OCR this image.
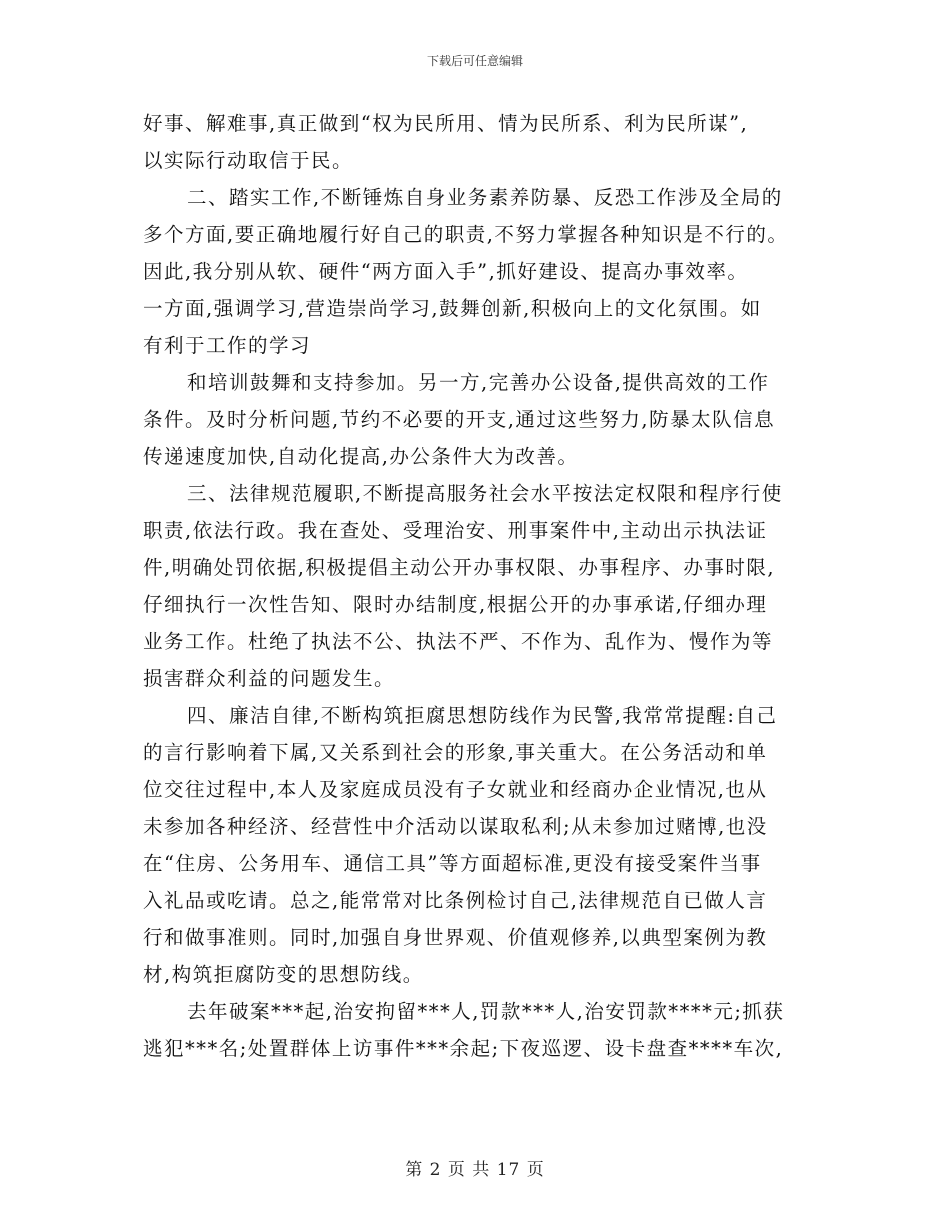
下载后可任意编辑

好事、解难事,真正做到“权为民所用、情为民所系、利为民所谋”,
以实际行动取信于民。

二、踏实工作,不断锤炼自身业务素养防暴、反恐工作涉及全局的
多个方面,要正确地履行好自己的职责,不努力掌握各种知识是不行的。
因此,我分别从软、硬件“两方面入手”,抓好建设、提高办事效率。
一方面,强调学习,营造崇尚学习,鼓舞创新,积极向上的文化氛围。如
有利于工作的学习

和培训鼓舞和支持参加。另一方,完善办公设备,提供高效的工作
条件。及时分析问题,节约不必要的开支,通过这些努力,防暴太队信息
传递速度加快,自动化提高,办公条件大为改善。

三、法律规范履职,不断提高服务社会水平按法定权限和程序行使
职责,依法行政。我在查处、受理治安、刑事案件中,主动出示执法证
件,明确处罚依据,积极提倡主动公开办事权限、办事程序、办事时限,
仔细执行一次性告知、限时办结制度,根据公开的办事承诺,仔细办理
业务工作。杜绝了执法不公、执法不严、不作为、乱作为、慢作为等
损害群众利益的问题发生。

四、廉洁自律,不断构筑拒腐思想防线作为民警,我常常提醒:自己
的言行影响着下属,又关系到社会的形象,事关重大。在公务活动和单
位交往过程中,本人及家庭成员没有子女就业和经商办企业情况,也从
未参加各种经济、经营性中介活动以谋取私利;从未参加过赌博,也没
在“住房、公务用车、通信工具”等方面超标准,更没有接受案件当事
入礼品或吃请。总之,能常常对比条例检讨自己,法律规范自已做人言
行和做事准则。同时,加强自身世界观、价值观修养,以典型案例为教
材,构筑拒腐防变的思想防线。

去年破案***起,治安拘留***人,罚款***人,治安罚款****元;抓获
逃犯***名;处置群体上访事件***余起;下夜巡逻、设卡盘查****车次,

第 2 页 共 17 页
